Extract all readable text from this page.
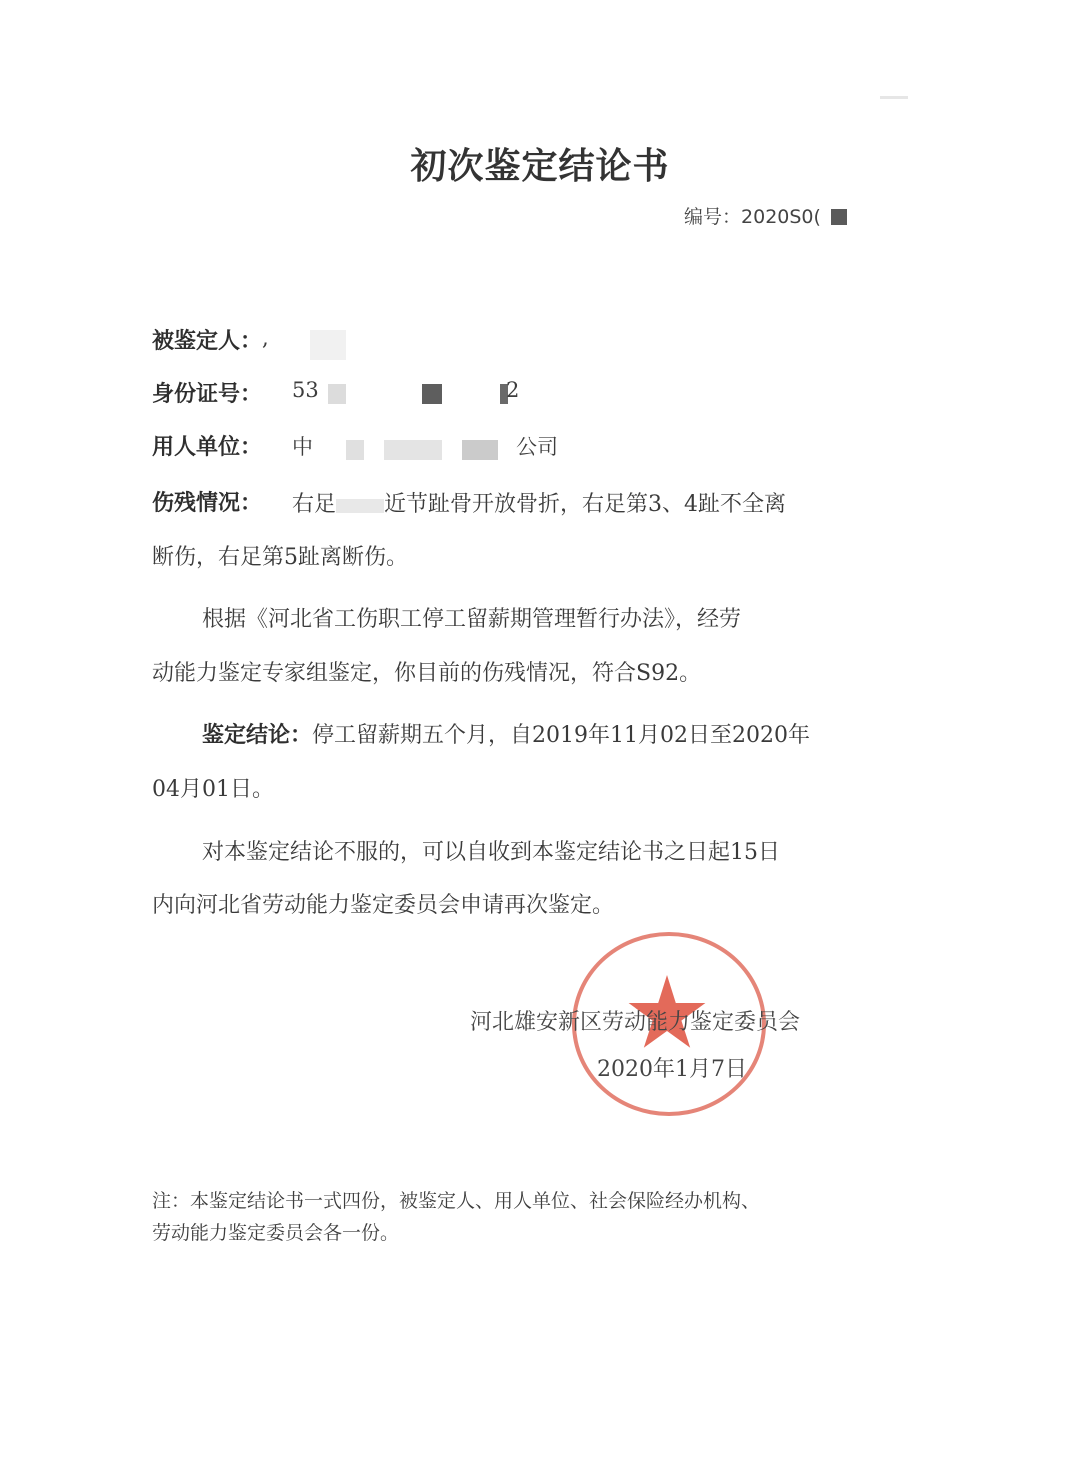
初次鉴定结论书
编号：2020S0(
被鉴定人： ,
身份证号： 53	2
用人单位： 中	公司
伤残情况： 右足 近节趾骨开放骨折，右足第3、4趾不全离
断伤，右足第5趾离断伤。
根据《河北省工伤职工停工留薪期管理暂行办法》，经劳
动能力鉴定专家组鉴定，你目前的伤残情况，符合S92。
鉴定结论：停工留薪期五个月，自2019年11月02日至2020年
04月01日。
对本鉴定结论不服的，可以自收到本鉴定结论书之日起15日
内向河北省劳动能力鉴定委员会申请再次鉴定。
河北雄安新区劳动能力鉴定委员会
2020年1月7日
注：本鉴定结论书一式四份，被鉴定人、用人单位、社会保险经办机构、
劳动能力鉴定委员会各一份。
